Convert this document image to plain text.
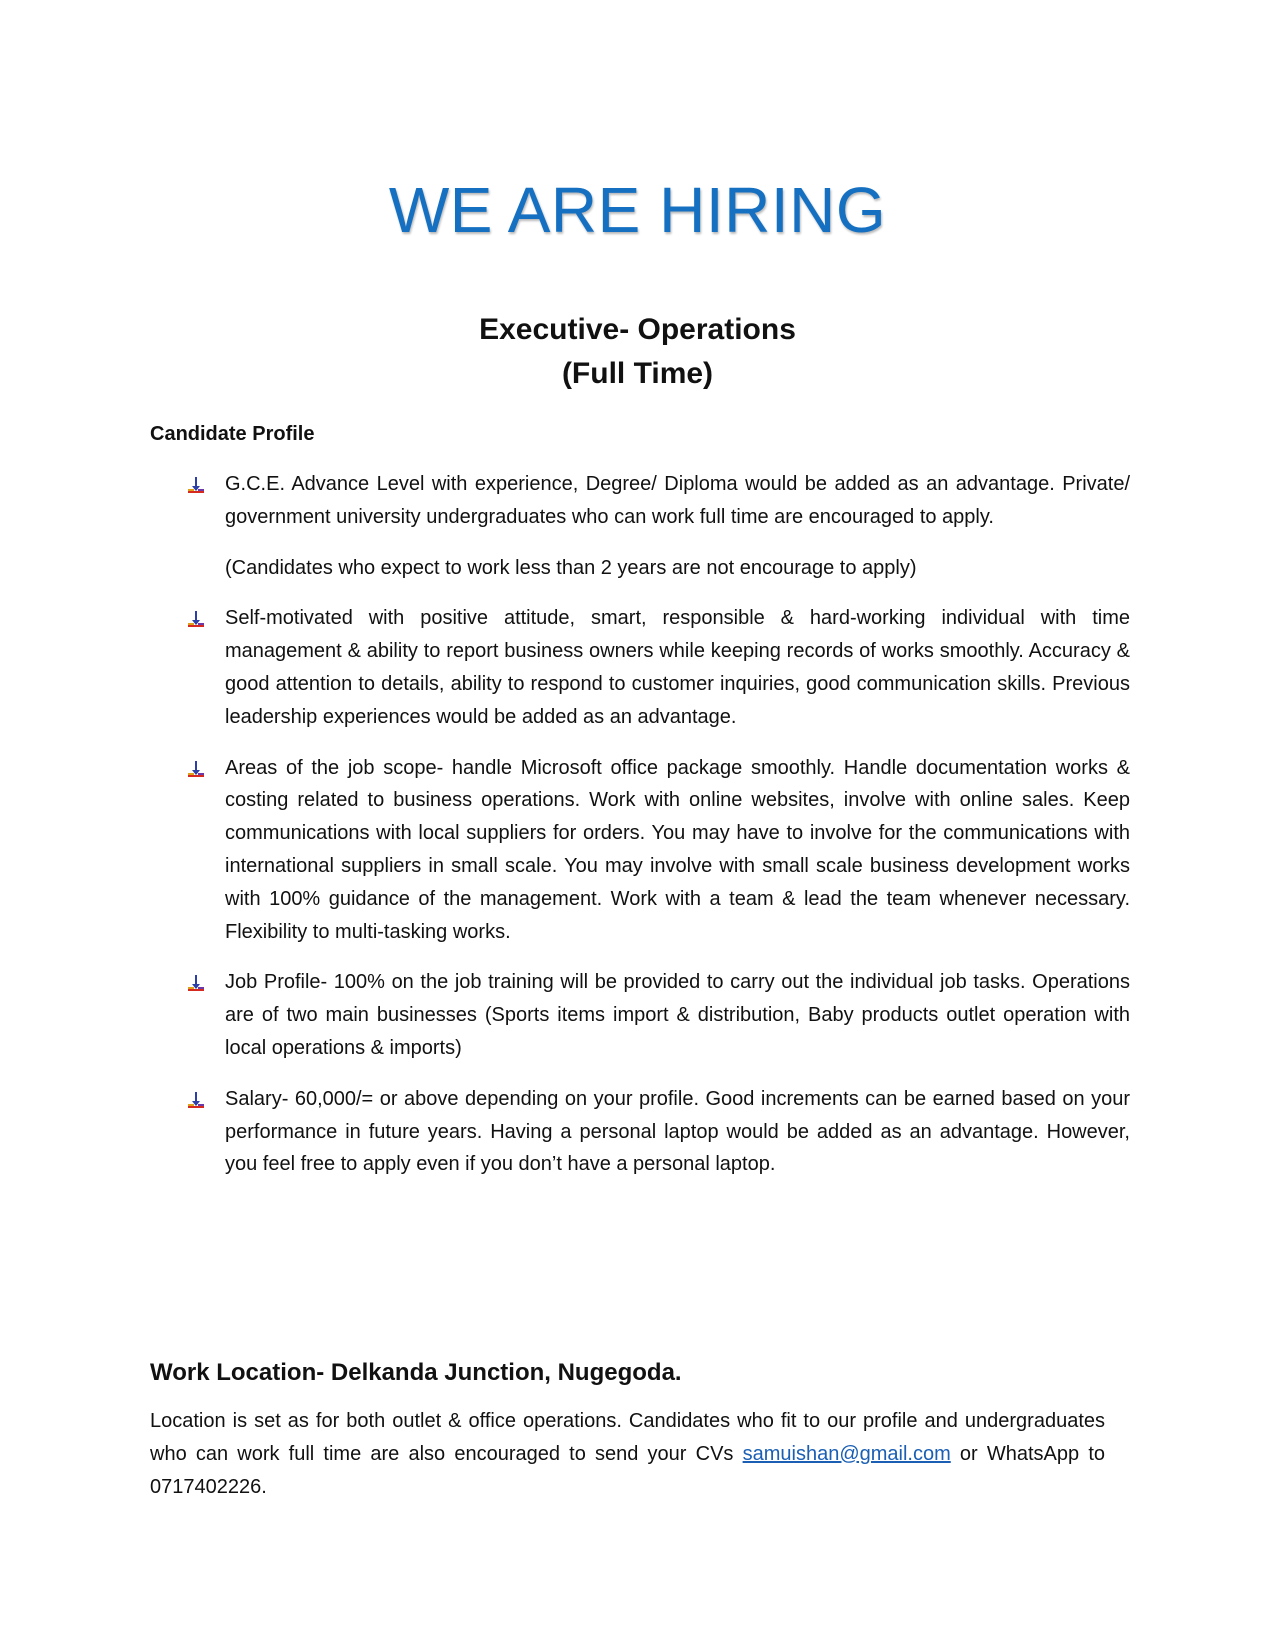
WE ARE HIRING
Executive- Operations
(Full Time)
Candidate Profile

G.C.E. Advance Level with experience, Degree/ Diploma would be added as an advantage. Private/ government university undergraduates who can work full time are encouraged to apply.

(Candidates who expect to work less than 2 years are not encourage to apply)

Self-motivated with positive attitude, smart, responsible & hard-working individual with time management & ability to report business owners while keeping records of works smoothly. Accuracy & good attention to details, ability to respond to customer inquiries, good communication skills. Previous leadership experiences would be added as an advantage.

Areas of the job scope- handle Microsoft office package smoothly. Handle documentation works & costing related to business operations. Work with online websites, involve with online sales. Keep communications with local suppliers for orders. You may have to involve for the communications with international suppliers in small scale. You may involve with small scale business development works with 100% guidance of the management. Work with a team & lead the team whenever necessary. Flexibility to multi-tasking works.

Job Profile- 100% on the job training will be provided to carry out the individual job tasks. Operations are of two main businesses (Sports items import & distribution, Baby products outlet operation with local operations & imports)

Salary- 60,000/= or above depending on your profile. Good increments can be earned based on your performance in future years. Having a personal laptop would be added as an advantage. However, you feel free to apply even if you don’t have a personal laptop.

Work Location- Delkanda Junction, Nugegoda.

Location is set as for both outlet & office operations. Candidates who fit to our profile and undergraduates who can work full time are also encouraged to send your CVs samuishan@gmail.com or WhatsApp to 0717402226.
